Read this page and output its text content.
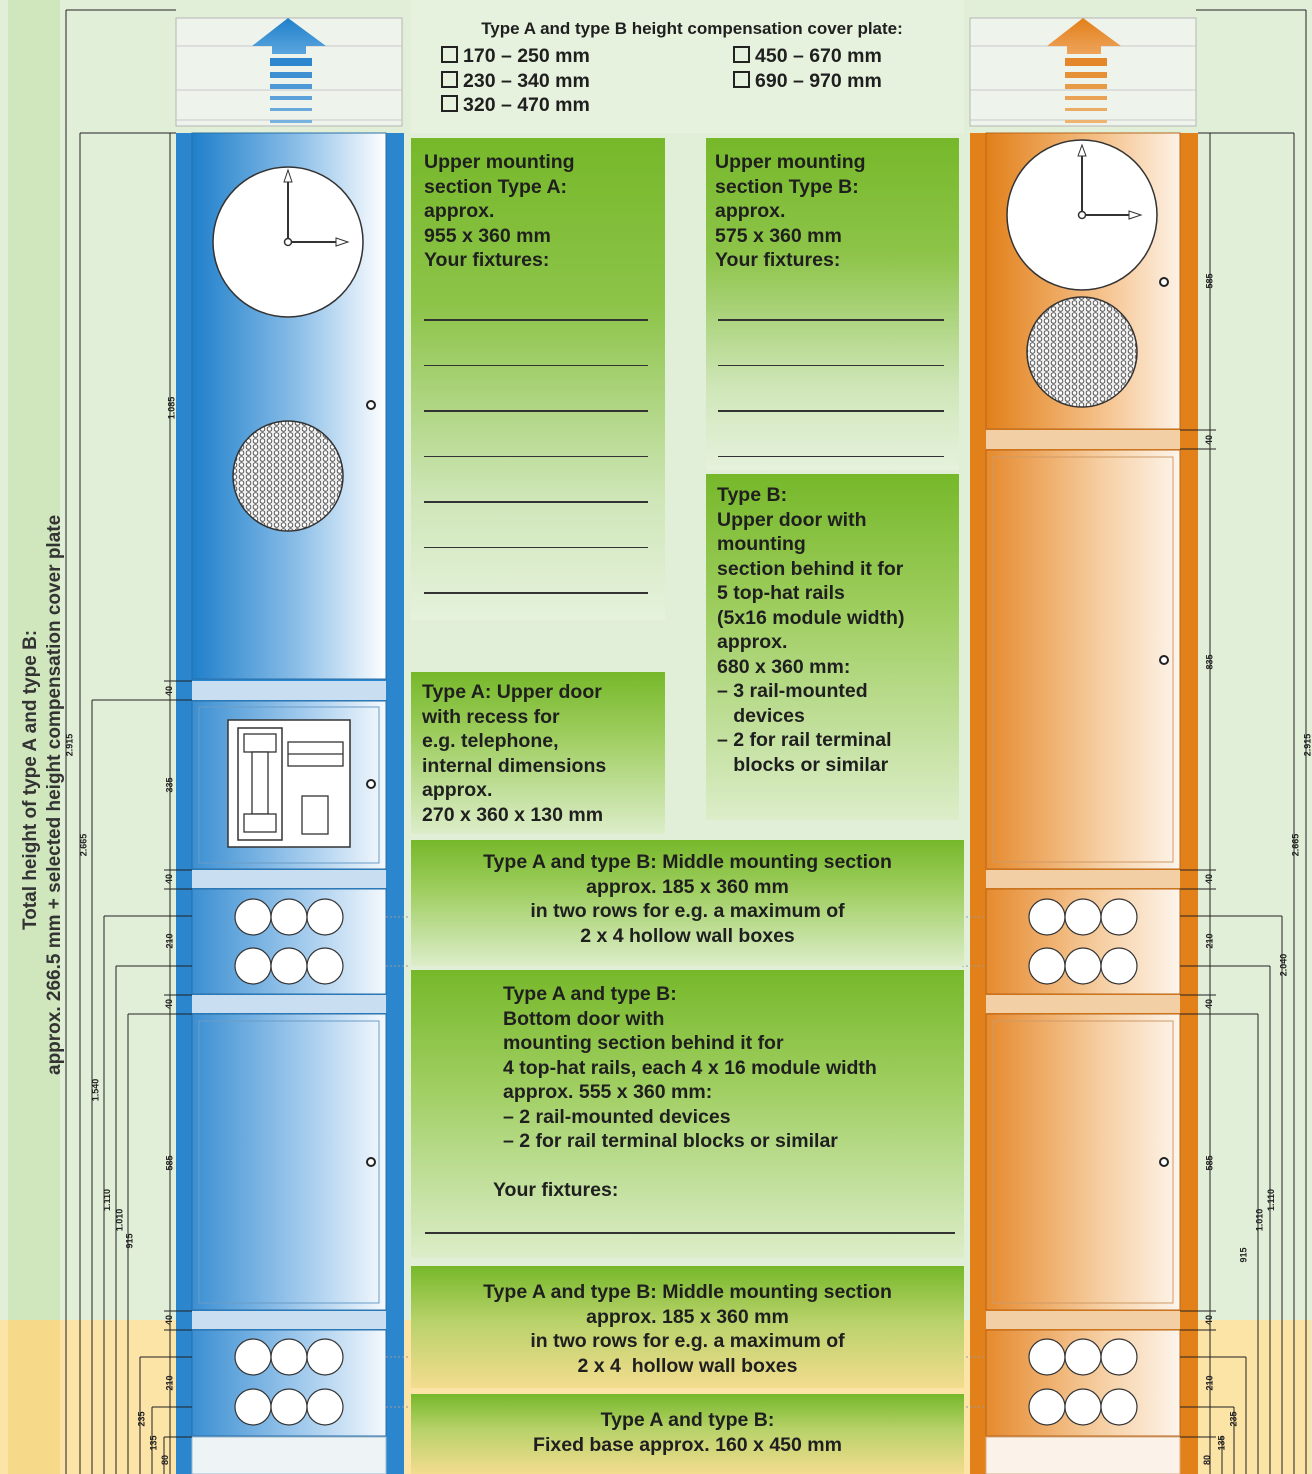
Total height of type A and type B: approx. 266.5 mm + selected height compensation cover plate 2.915
2.665
1.540
1.110
1.010
915
235
135
80
1.085
40
335
40
210
40
585
40
210
2.915
2.665
2.040
1.110
1.010
915
235
135
80
585
40
835
40
210
40
585
40
210
Type A and type B height compensation cover plate:
170 – 250 mm
230 – 340 mm
320 – 470 mm
450 – 670 mm
690 – 970 mm
Upper mounting
section Type A:
approx.
955 x 360 mm
Your fixtures:
Upper mounting
section Type B:
approx.
575 x 360 mm
Your fixtures:
Type B:
Upper door with
mounting
section behind it for
5 top-hat rails
(5x16 module width)
approx.
680 x 360 mm:
– 3 rail-mounted
devices
– 2 for rail terminal
blocks or similar
Type A: Upper door
with recess for
e.g. telephone,
internal dimensions
approx.
270 x 360 x 130 mm
Type A and type B: Middle mounting section
approx. 185 x 360 mm
in two rows for e.g. a maximum of
2 x 4 hollow wall boxes
Type A and type B:
Bottom door with
mounting section behind it for
4 top-hat rails, each 4 x 16 module width
approx. 555 x 360 mm:
– 2 rail-mounted devices
– 2 for rail terminal blocks or similar
Your fixtures:
Type A and type B: Middle mounting section
approx. 185 x 360 mm
in two rows for e.g. a maximum of
2 x 4  hollow wall boxes
Type A and type B:
Fixed base approx. 160 x 450 mm
